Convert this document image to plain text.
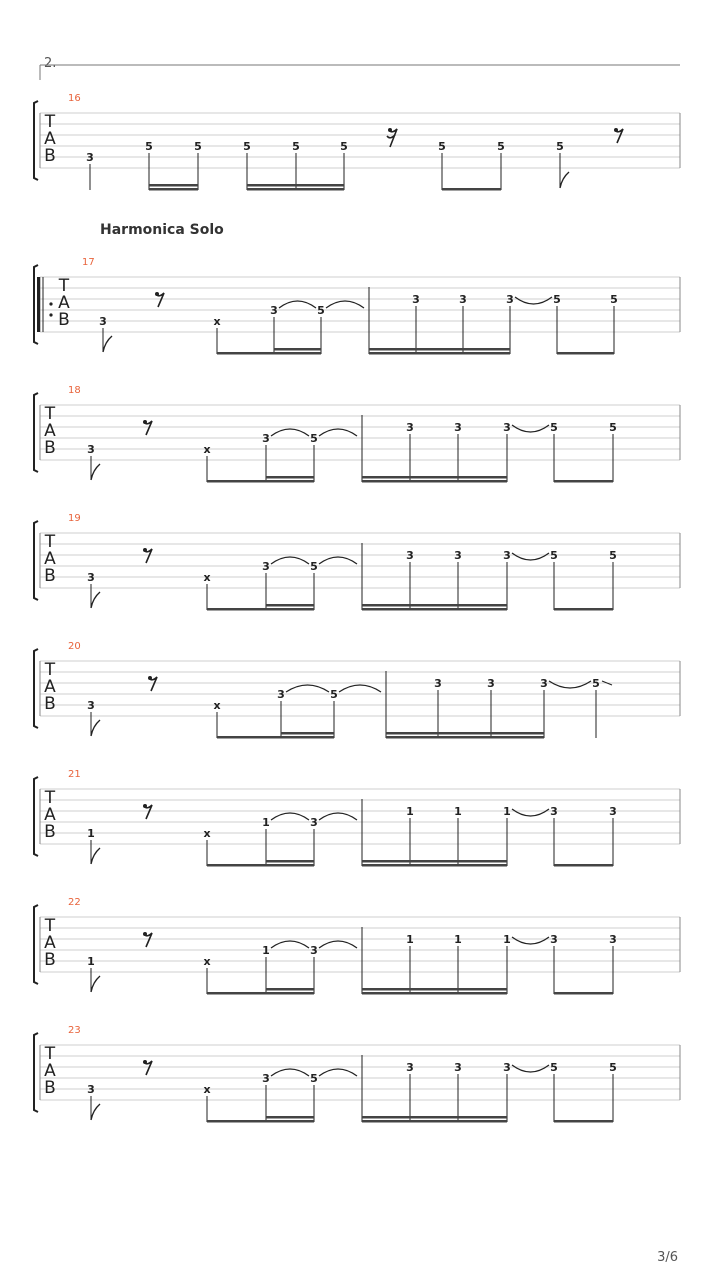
2.
Harmonica Solo
3/6
T
A
B
16
3
5	5	5	5	5	5	5	5
T
A
B
17
3	x
3	5
3	3	3	5	5
T
A
B
18
3	x
3	5
3	3	3	5	5
T
A
B
19
3	x
3	5
3	3	3	5	5
T
A
B
20
3	x
3	5
3	3	3	5
T
A
B
21
1	x
1	3
1	1	1	3	3
T
A
B
22
1	x
1	3
1	1	1	3	3
T
A
B
23
3	x
3	5
3	3	3	5	5
